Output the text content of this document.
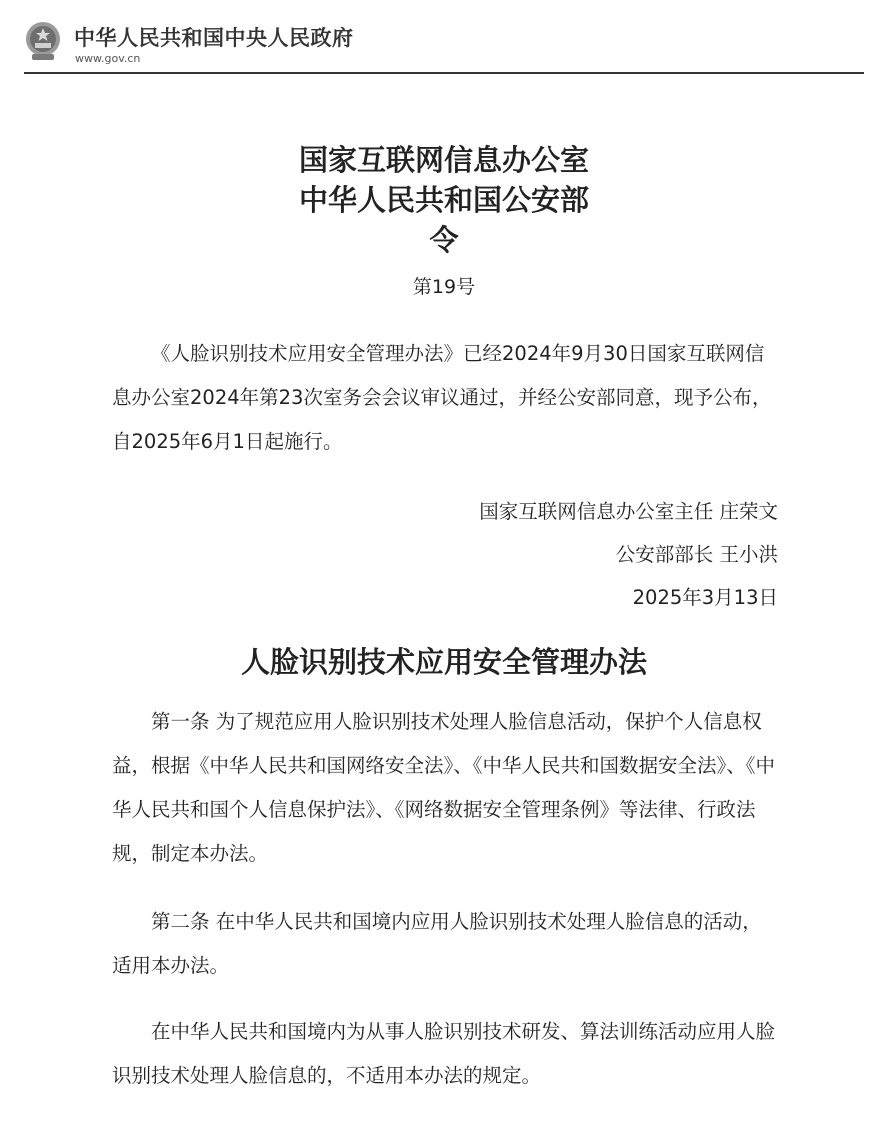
中华人民共和国中央人民政府
www.gov.cn
国家互联网信息办公室
中华人民共和国公安部
令
第19号

《人脸识别技术应用安全管理办法》已经2024年9月30日国家互联网信息办公室2024年第23次室务会会议审议通过，并经公安部同意，现予公布，自2025年6月1日起施行。

国家互联网信息办公室主任 庄荣文
公安部部长 王小洪
2025年3月13日
人脸识别技术应用安全管理办法

第一条 为了规范应用人脸识别技术处理人脸信息活动，保护个人信息权益，根据《中华人民共和国网络安全法》、《中华人民共和国数据安全法》、《中华人民共和国个人信息保护法》、《网络数据安全管理条例》等法律、行政法规，制定本办法。

第二条 在中华人民共和国境内应用人脸识别技术处理人脸信息的活动，适用本办法。

在中华人民共和国境内为从事人脸识别技术研发、算法训练活动应用人脸识别技术处理人脸信息的，不适用本办法的规定。
